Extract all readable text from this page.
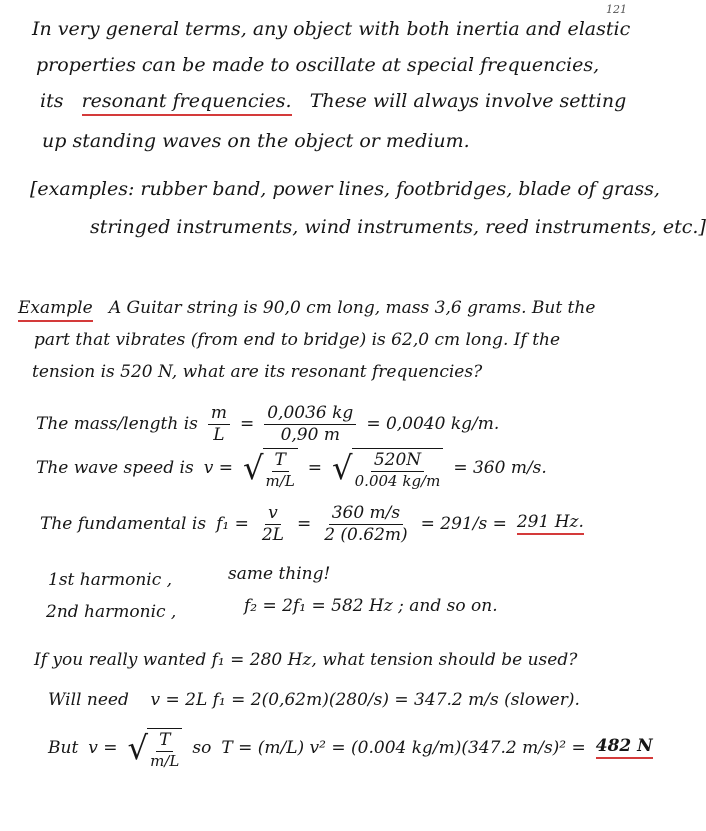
121
In very general terms, any object with both inertia and elastic
properties can be made to oscillate at special frequencies,
its resonant frequencies. These will always involve setting
up standing waves on the object or medium.
[examples: rubber band, power lines, footbridges, blade of grass,
stringed instruments, wind instruments, reed instruments, etc.]
Example A Guitar string is 90,0 cm long, mass 3,6 grams. But the
part that vibrates (from end to bridge) is 62,0 cm long. If the
tension is 520 N, what are its resonant frequencies?
The mass/length is $\frac{m}{L} = \frac{0,0036 kg}{0,90 m} = 0,0040$ kg/m.
The wave speed is v = √ $\frac{T}{m/L}$ = √ $\frac{520N}{0.004 kg/m} = 360$ m/s.
The fundamental is $f_1 = \frac{v}{2L} = \frac{360 m/s}{2 (0.62m)} = 291/s = 291$ Hz.
1st harmonic ,	same thing!
2nd harmonic ,	f₂ = 2f₁ = 582 Hz ; and so on.
If you really wanted f₁ = 280 Hz, what tension should be used?
Will need v = 2L f₁ = 2(0,62m)(280/s) = 347.2 m/s (slower).
But v = √ $\frac{T}{m/L}$ so T = (m/L) v² = (0.004 kg/m)(347.2 m/s)² = 482 N
